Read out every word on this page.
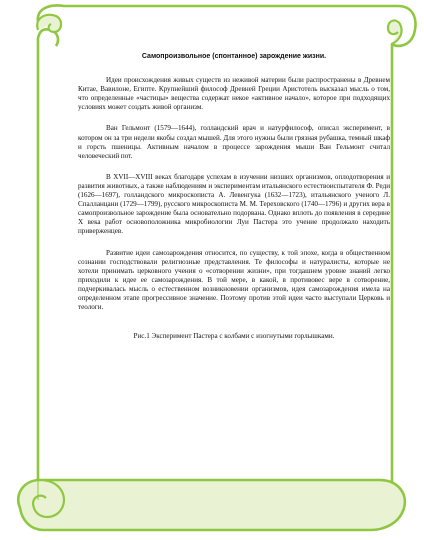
Самопроизвольное (спонтанное) зарождение жизни.

Идеи происхождения живых существ из неживой материи были распространены в Древнем Китае, Вавилоне, Египте. Крупнейший философ Древней Греции Аристотель высказал мысль о том, что определенные «частицы» вещества содержат некое «активное начало», которое при подходящих условиях может создать живой организм.

Ван Гельмонт (1579—1644), голландский врач и натурфилософ, описал эксперимент, в котором он за три недели якобы создал мышей. Для этого нужны были грязная рубашка, темный шкаф и горсть пшеницы. Активным началом в процессе зарождения мыши Ван Гельмонт считал человеческий пот.

В XVII—XVIII веках благодаря успехам в изучении низших организмов, оплодотворения и развития животных, а также наблюдениям и экспериментам итальянского естествоиспытателя Ф. Реди (1626—1697), голландского микроскописта А. Левенгука (1632—1723), итальянского ученого Л. Спалланцани (1729—1799), русского микроскописта М. М. Тереховского (1740—1796) и других вера в самопроизвольное зарождение была основательно подорвана. Однако вплоть до появления в середине Х века работ основоположника микробиологии Луи Пастера это учение продолжало находить приверженцев.

Развитие идеи самозарождения относится, по существу, к той эпохе, когда в общественном сознании господствовали религиозные представления. Те философы и натуралисты, которые не хотели принимать церковного учения о «сотворении жизни», при тогдашнем уровне знаний легко приходили к идее ее самозарождения. В той мере, в какой, в противовес вере в сотворение, подчеркивалась мысль о естественном возникновении организмов, идея самозарождения имела на определенном этапе прогрессивное значение. Поэтому против этой идеи часто выступали Церковь и теологи.

Рис.1 Эксперимент Пастера с колбами с изогнутыми горлышками.
